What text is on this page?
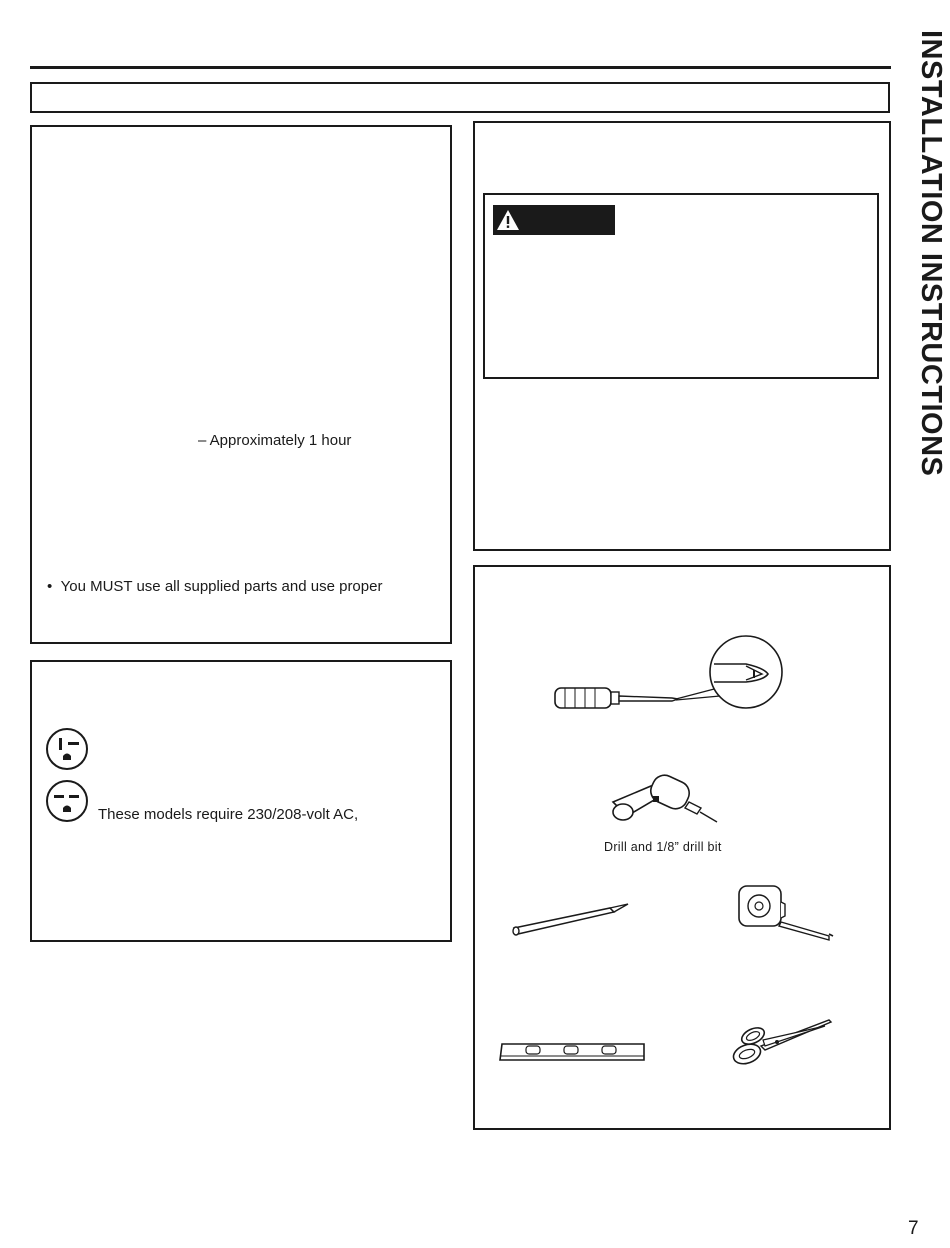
INSTALLATION INSTRUCTIONS
– Approximately 1 hour
•  You MUST use all supplied parts and use proper
These models require 230/208-volt AC,
Drill and 1/8” drill bit
7
